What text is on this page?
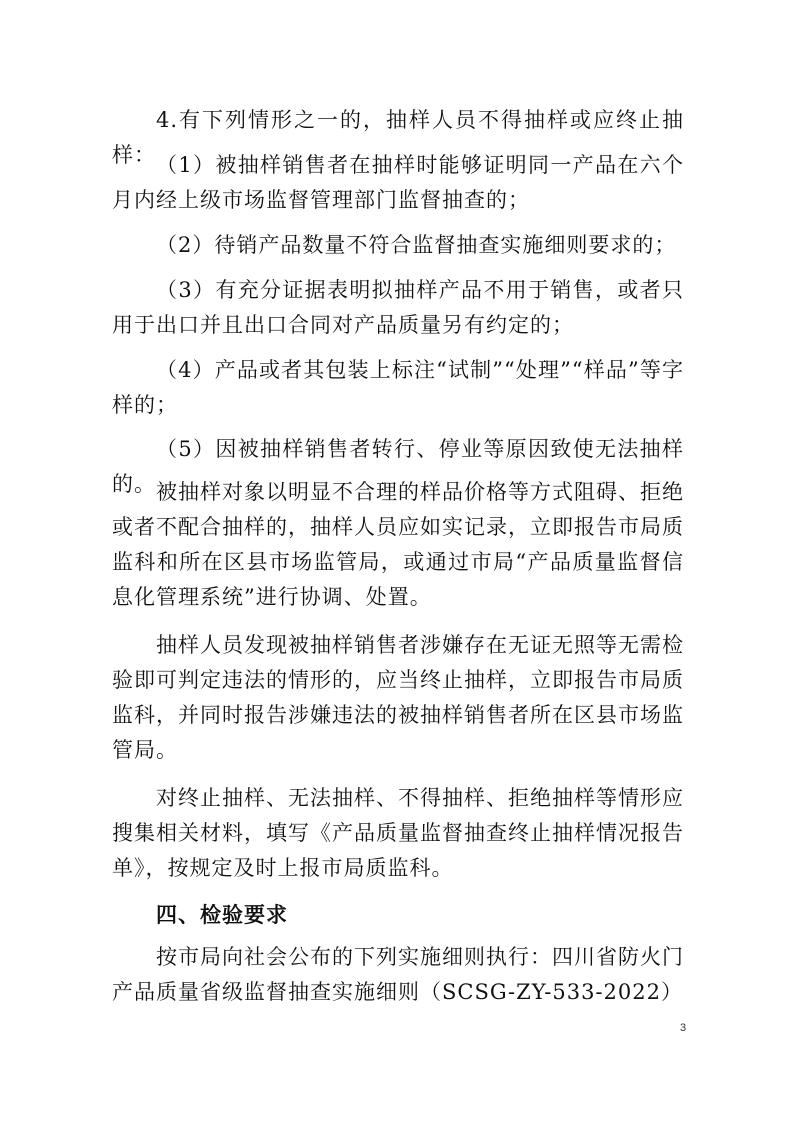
4.有下列情形之一的，抽样人员不得抽样或应终止抽样： （1）被抽样销售者在抽样时能够证明同一产品在六个月内经上级市场监督管理部门监督抽查的；

（2）待销产品数量不符合监督抽查实施细则要求的；

（3）有充分证据表明拟抽样产品不用于销售，或者只用于出口并且出口合同对产品质量另有约定的；

（4）产品或者其包装上标注“试制”“处理”“样品”等字样的；

（5）因被抽样销售者转行、停业等原因致使无法抽样的。 被抽样对象以明显不合理的样品价格等方式阻碍、拒绝或者不配合抽样的，抽样人员应如实记录，立即报告市局质监科和所在区县市场监管局，或通过市局“产品质量监督信息化管理系统”进行协调、处置。

抽样人员发现被抽样销售者涉嫌存在无证无照等无需检验即可判定违法的情形的，应当终止抽样，立即报告市局质监科，并同时报告涉嫌违法的被抽样销售者所在区县市场监管局。

对终止抽样、无法抽样、不得抽样、拒绝抽样等情形应搜集相关材料，填写《产品质量监督抽查终止抽样情况报告单》，按规定及时上报市局质监科。

四、检验要求

按市局向社会公布的下列实施细则执行：四川省防火门产品质量省级监督抽查实施细则（SCSG-ZY-533-2022）

3
